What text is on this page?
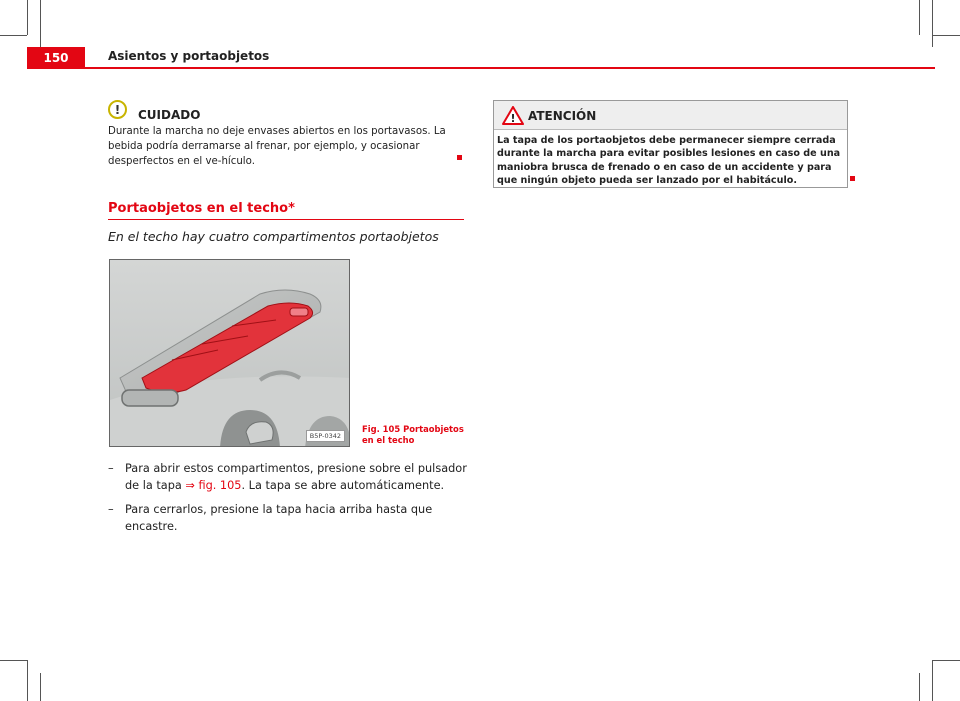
150	Asientos y portaobjetos
! CUIDADO
Durante la marcha no deje envases abiertos en los portavasos. La bebida podría derramarse al frenar, por ejemplo, y ocasionar desperfectos en el ve-hículo.
Portaobjetos en el techo*
En el techo hay cuatro compartimentos portaobjetos
B5P-0342
Fig. 105 Portaobjetos en el techo
– Para abrir estos compartimentos, presione sobre el pulsador de la tapa ⇒ fig. 105. La tapa se abre automáticamente.
– Para cerrarlos, presione la tapa hacia arriba hasta que encastre.
! ATENCIÓN
La tapa de los portaobjetos debe permanecer siempre cerrada durante la marcha para evitar posibles lesiones en caso de una maniobra brusca de frenado o en caso de un accidente y para que ningún objeto pueda ser lanzado por el habitáculo.
